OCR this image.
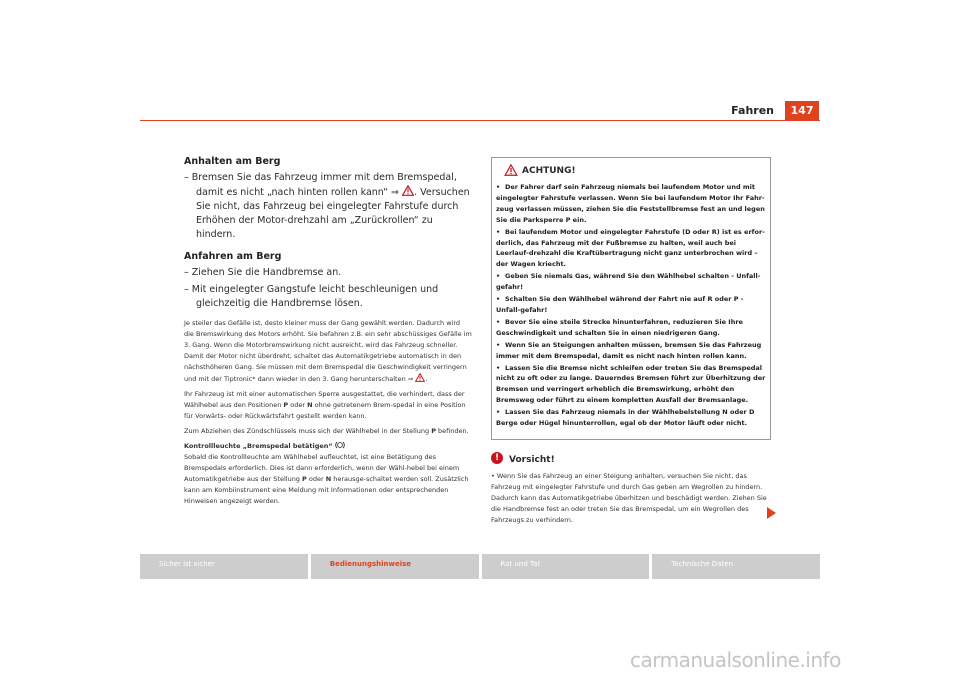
Fahren	147
Anhalten am Berg
– Bremsen Sie das Fahrzeug immer mit dem Bremspedal, damit es nicht „nach hinten rollen kann“ ⇒ . Versuchen Sie nicht, das Fahrzeug bei eingelegter Fahrstufe durch Erhöhen der Motor-drehzahl am „Zurückrollen“ zu hindern.
Anfahren am Berg
– Ziehen Sie die Handbremse an.
– Mit eingelegter Gangstufe leicht beschleunigen und gleichzeitig die Handbremse lösen.
Je steiler das Gefälle ist, desto kleiner muss der Gang gewählt werden. Dadurch wird die Bremswirkung des Motors erhöht. Sie befahren z.B. ein sehr abschüssiges Gefälle im 3. Gang. Wenn die Motorbremswirkung nicht ausreicht, wird das Fahrzeug schneller. Damit der Motor nicht überdreht, schaltet das Automatikgetriebe automatisch in den nächsthöheren Gang. Sie müssen mit dem Bremspedal die Geschwindigkeit verringern und mit der Tiptronic* dann wieder in den 3. Gang herunterschalten ⇒ .
Ihr Fahrzeug ist mit einer automatischen Sperre ausgestattet, die verhindert, dass der Wählhebel aus den Positionen P oder N ohne getretenem Brem-spedal in eine Position für Vorwärts- oder Rückwärtsfahrt gestellt werden kann.
Zum Abziehen des Zündschlüssels muss sich der Wählhebel in der Stellung P befinden.
Kontrollleuchte „Bremspedal betätigen“
Sobald die Kontrollleuchte am Wählhebel aufleuchtet, ist eine Betätigung des Bremspedals erforderlich. Dies ist dann erforderlich, wenn der Wähl-hebel bei einem Automatikgetriebe aus der Stellung P oder N herausge-schaltet werden soll. Zusätzlich kann am Kombiinstrument eine Meldung mit Informationen oder entsprechenden Hinweisen angezeigt werden.
ACHTUNG!
• Der Fahrer darf sein Fahrzeug niemals bei laufendem Motor und mit eingelegter Fahrstufe verlassen. Wenn Sie bei laufendem Motor Ihr Fahr-zeug verlassen müssen, ziehen Sie die Feststellbremse fest an und legen Sie die Parksperre P ein.
• Bei laufendem Motor und eingelegter Fahrstufe (D oder R) ist es erfor-derlich, das Fahrzeug mit der Fußbremse zu halten, weil auch bei Leerlauf-drehzahl die Kraftübertragung nicht ganz unterbrochen wird – der Wagen kriecht.
• Geben Sie niemals Gas, während Sie den Wählhebel schalten - Unfall-gefahr!
• Schalten Sie den Wählhebel während der Fahrt nie auf R oder P - Unfall-gefahr!
• Bevor Sie eine steile Strecke hinunterfahren, reduzieren Sie Ihre Geschwindigkeit und schalten Sie in einen niedrigeren Gang.
• Wenn Sie an Steigungen anhalten müssen, bremsen Sie das Fahrzeug immer mit dem Bremspedal, damit es nicht nach hinten rollen kann.
• Lassen Sie die Bremse nicht schleifen oder treten Sie das Bremspedal nicht zu oft oder zu lange. Dauerndes Bremsen führt zur Überhitzung der Bremsen und verringert erheblich die Bremswirkung, erhöht den Bremsweg oder führt zu einem kompletten Ausfall der Bremsanlage.
• Lassen Sie das Fahrzeug niemals in der Wählhebelstellung N oder D Berge oder Hügel hinunterrollen, egal ob der Motor läuft oder nicht.
! Vorsicht!
• Wenn Sie das Fahrzeug an einer Steigung anhalten, versuchen Sie nicht, das Fahrzeug mit eingelegter Fahrstufe und durch Gas geben am Wegrollen zu hindern. Dadurch kann das Automatikgetriebe überhitzen und beschädigt werden. Ziehen Sie die Handbremse fest an oder treten Sie das Bremspedal, um ein Wegrollen des Fahrzeugs zu verhindern.
Sicher ist sicher	Bedienungshinweise	Rat und Tat	Technische Daten
carmanualsonline.info
